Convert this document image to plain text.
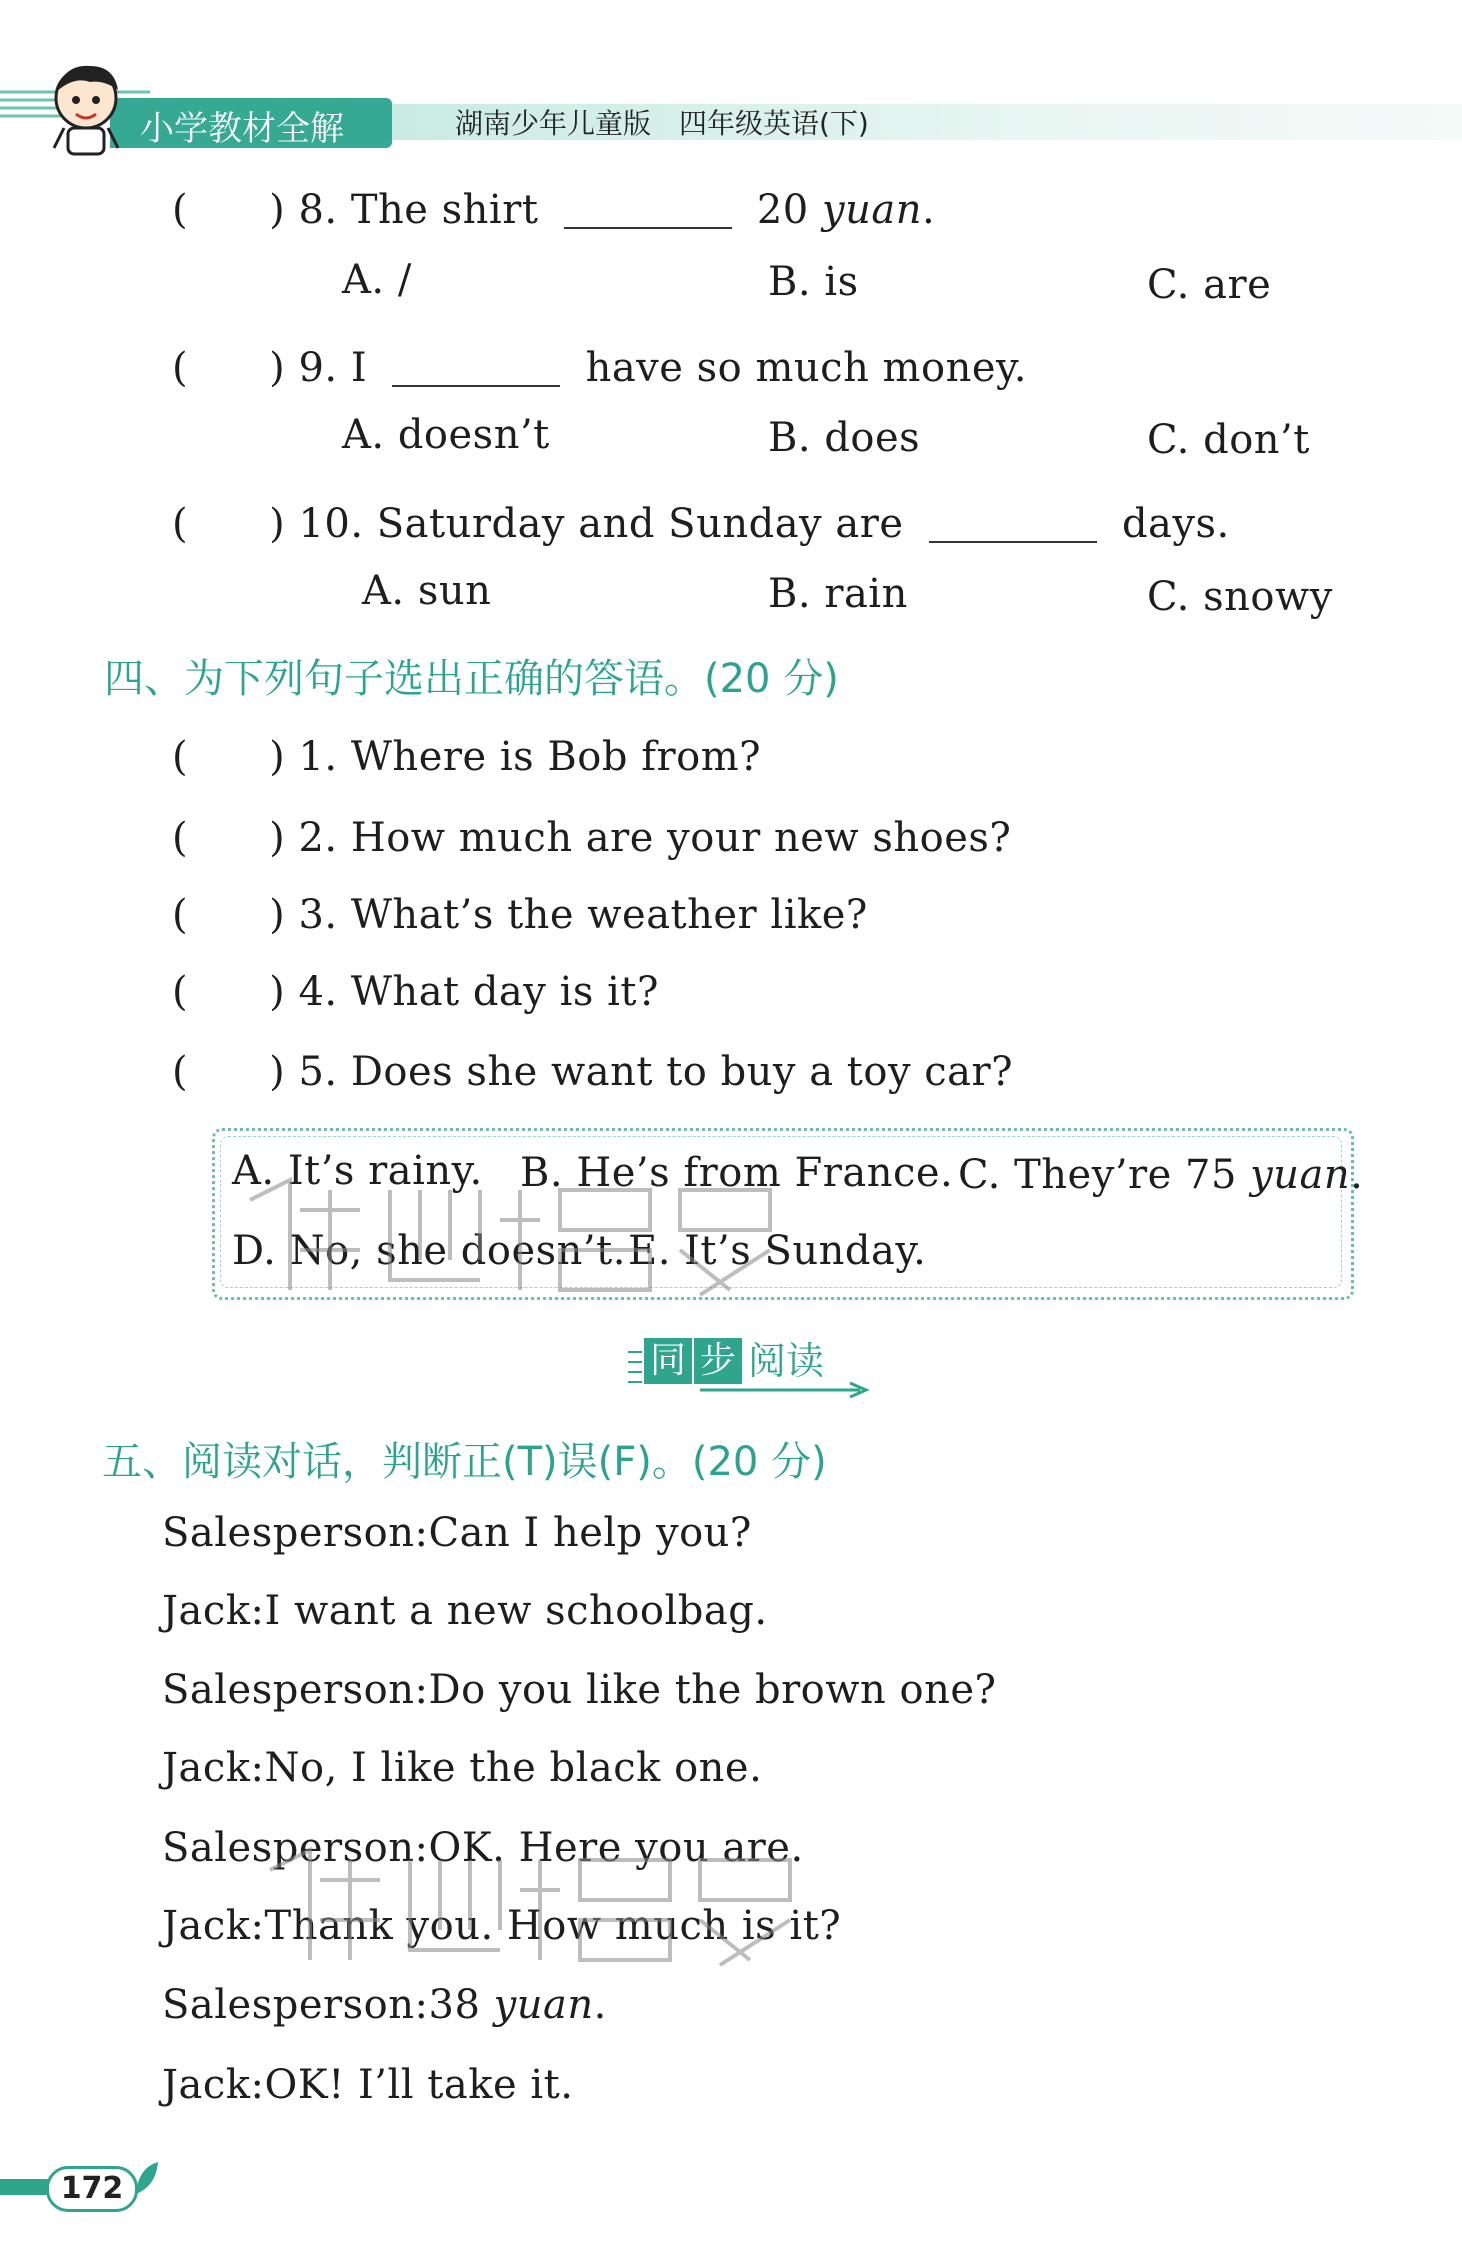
小学教材全解	湖南少年儿童版　四年级英语(下)
(　　) 8. The shirt	20 yuan.
A. /	B. is	C. are
(　　) 9. I	have so much money.
A. doesn’t	B. does	C. don’t
(　　) 10. Saturday and Sunday are	days.
A. sun	B. rain	C. snowy
四、为下列句子选出正确的答语。(20 分)
(　　) 1. Where is Bob from?
(　　) 2. How much are your new shoes?
(　　) 3. What’s the weather like?
(　　) 4. What day is it?
(　　) 5. Does she want to buy a toy car?
A. It’s rainy. B. He’s from France. C. They’re 75 yuan.
D. No, she doesn’t. E. It’s Sunday.
同 步 阅读
五、阅读对话，判断正(T)误(F)。(20 分)
Salesperson:Can I help you?
Jack:I want a new schoolbag.
Salesperson:Do you like the brown one?
Jack:No, I like the black one.
Salesperson:OK. Here you are.
Jack:Thank you. How much is it?
Salesperson:38 yuan.
Jack:OK! I’ll take it.
172
